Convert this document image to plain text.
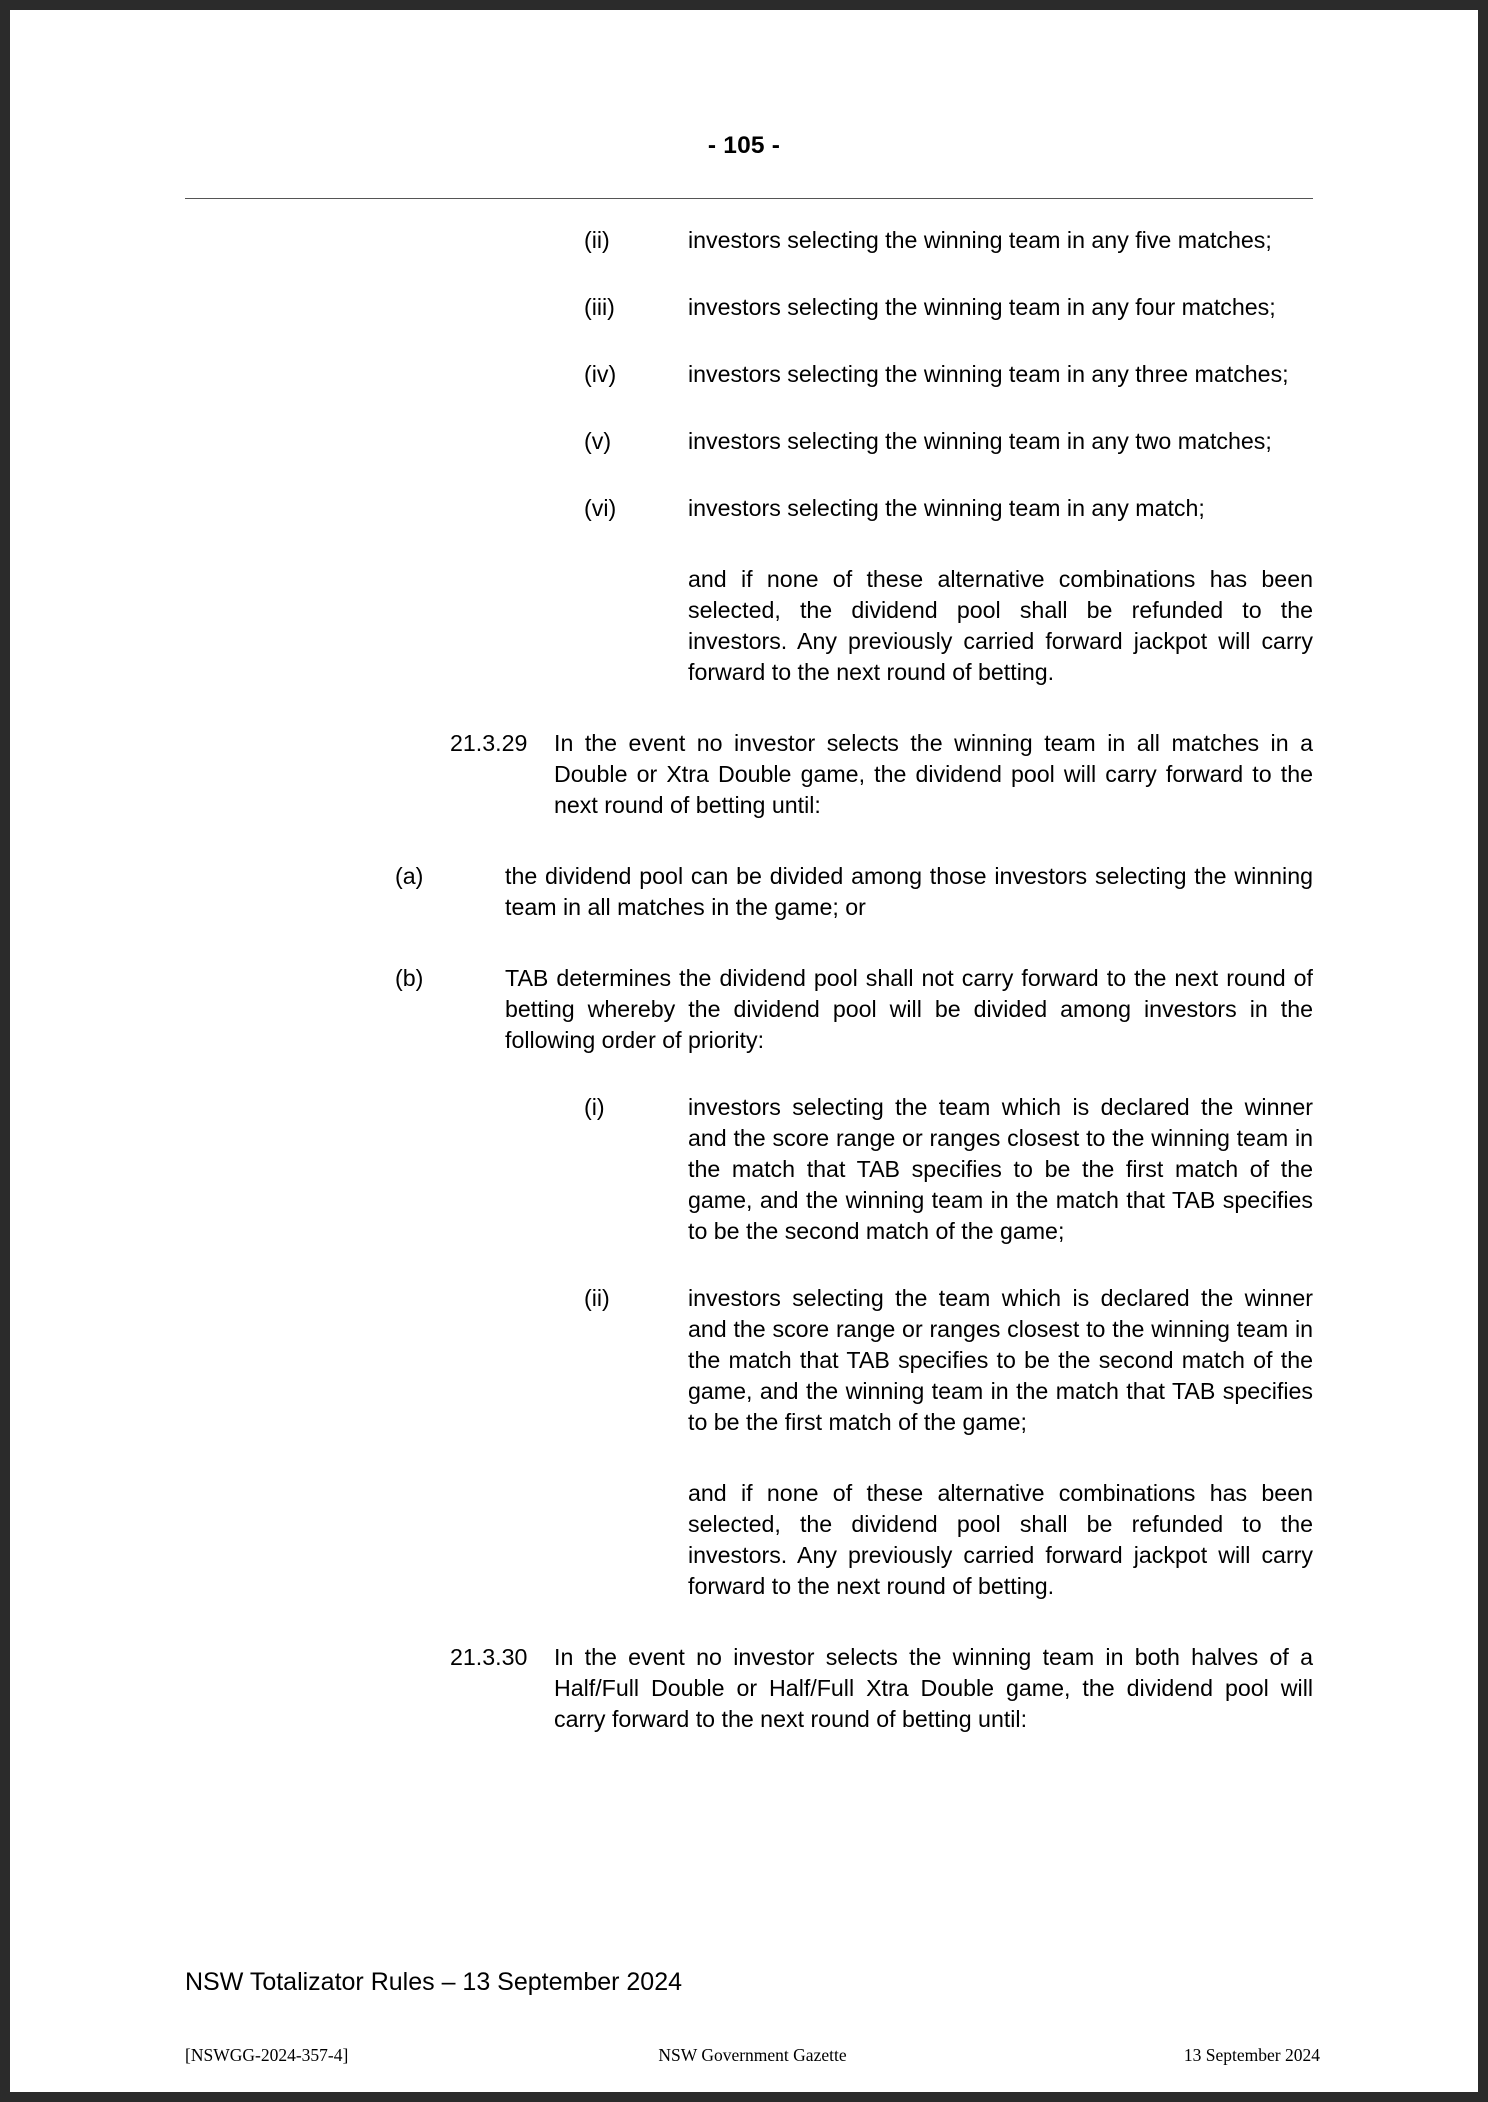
- 105 -
(ii)	investors selecting the winning team in any five matches;
(iii)	investors selecting the winning team in any four matches;
(iv)	investors selecting the winning team in any three matches;
(v)	investors selecting the winning team in any two matches;
(vi)	investors selecting the winning team in any match;
and if none of these alternative combinations has been selected, the dividend pool shall be refunded to the investors. Any previously carried forward jackpot will carry forward to the next round of betting.
21.3.29	In the event no investor selects the winning team in all matches in a Double or Xtra Double game, the dividend pool will carry forward to the next round of betting until:
(a)	the dividend pool can be divided among those investors selecting the winning team in all matches in the game; or
(b)	TAB determines the dividend pool shall not carry forward to the next round of betting whereby the dividend pool will be divided among investors in the following order of priority:
(i)	investors selecting the team which is declared the winner and the score range or ranges closest to the winning team in the match that TAB specifies to be the first match of the game, and the winning team in the match that TAB specifies to be the second match of the game;
(ii)	investors selecting the team which is declared the winner and the score range or ranges closest to the winning team in the match that TAB specifies to be the second match of the game, and the winning team in the match that TAB specifies to be the first match of the game;
and if none of these alternative combinations has been selected, the dividend pool shall be refunded to the investors. Any previously carried forward jackpot will carry forward to the next round of betting.
21.3.30	In the event no investor selects the winning team in both halves of a Half/Full Double or Half/Full Xtra Double game, the dividend pool will carry forward to the next round of betting until:
NSW Totalizator Rules – 13 September 2024
[NSWGG-2024-357-4]	NSW Government Gazette	13 September 2024
